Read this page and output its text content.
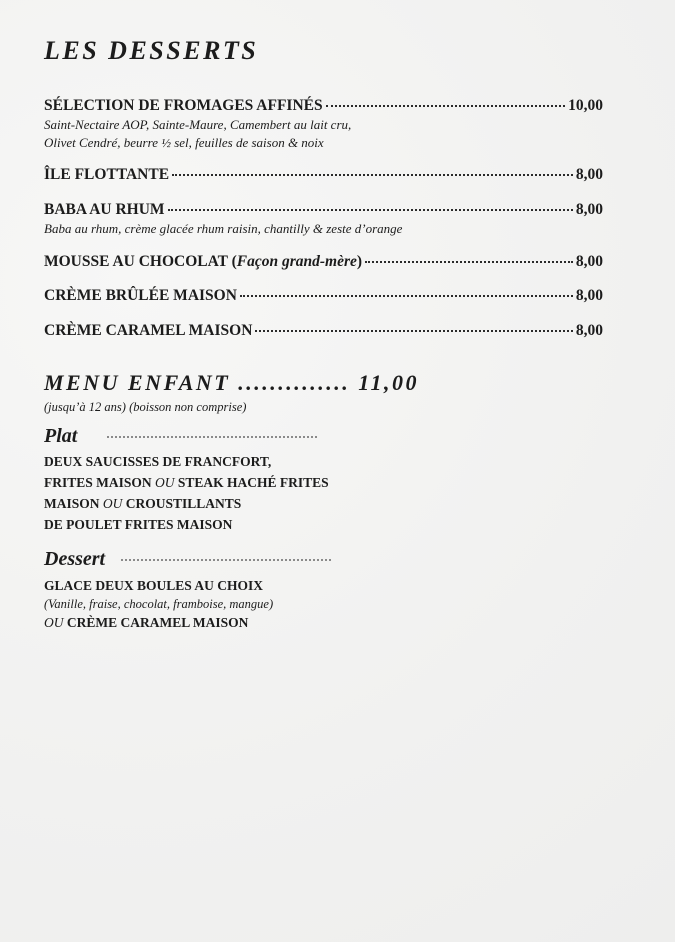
LES DESSERTS
SÉLECTION DE FROMAGES AFFINÉS	10,00
Saint-Nectaire AOP, Sainte-Maure, Camembert au lait cru,
Olivet Cendré, beurre ½ sel, feuilles de saison & noix
ÎLE FLOTTANTE	8,00
BABA AU RHUM	8,00
Baba au rhum, crème glacée rhum raisin, chantilly & zeste d’orange
MOUSSE AU CHOCOLAT (Façon grand-mère)	8,00
CRÈME BRÛLÉE MAISON	8,00
CRÈME CARAMEL MAISON	8,00
MENU ENFANT .............. 11,00
(jusqu’à 12 ans) (boisson non comprise)
Plat
DEUX SAUCISSES DE FRANCFORT,
FRITES MAISON OU STEAK HACHÉ FRITES
MAISON OU CROUSTILLANTS
DE POULET FRITES MAISON
Dessert
GLACE DEUX BOULES AU CHOIX
(Vanille, fraise, chocolat, framboise, mangue)
OU CRÈME CARAMEL MAISON
